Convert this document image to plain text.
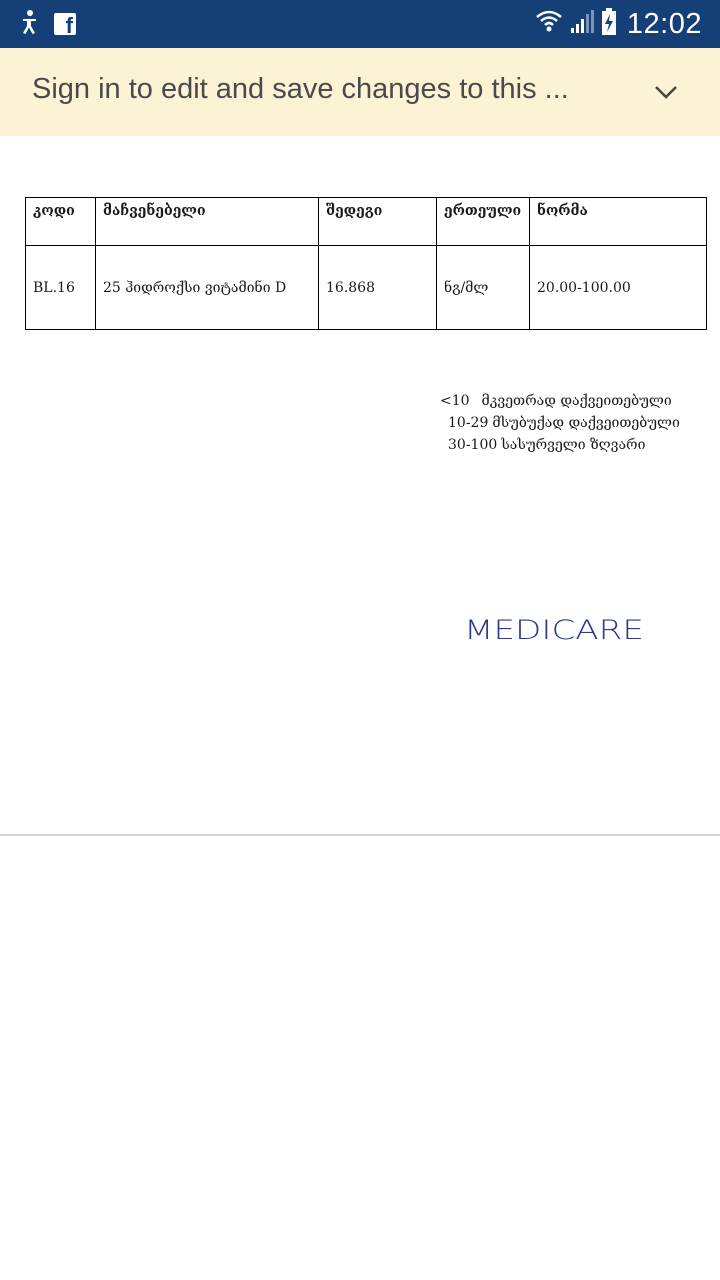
f	12:02
Sign in to edit and save changes to this ...
კოდი	მაჩვენებელი	შედეგი	ერთეული	ნორმა
BL.16	25 ჰიდროქსი ვიტამინი D	16.868	ნგ/მლ	20.00-100.00
<10 მკვეთრად დაქვეითებული
10-29 მსუბუქად დაქვეითებული
30-100 სასურველი ზღვარი
MEDICARE
